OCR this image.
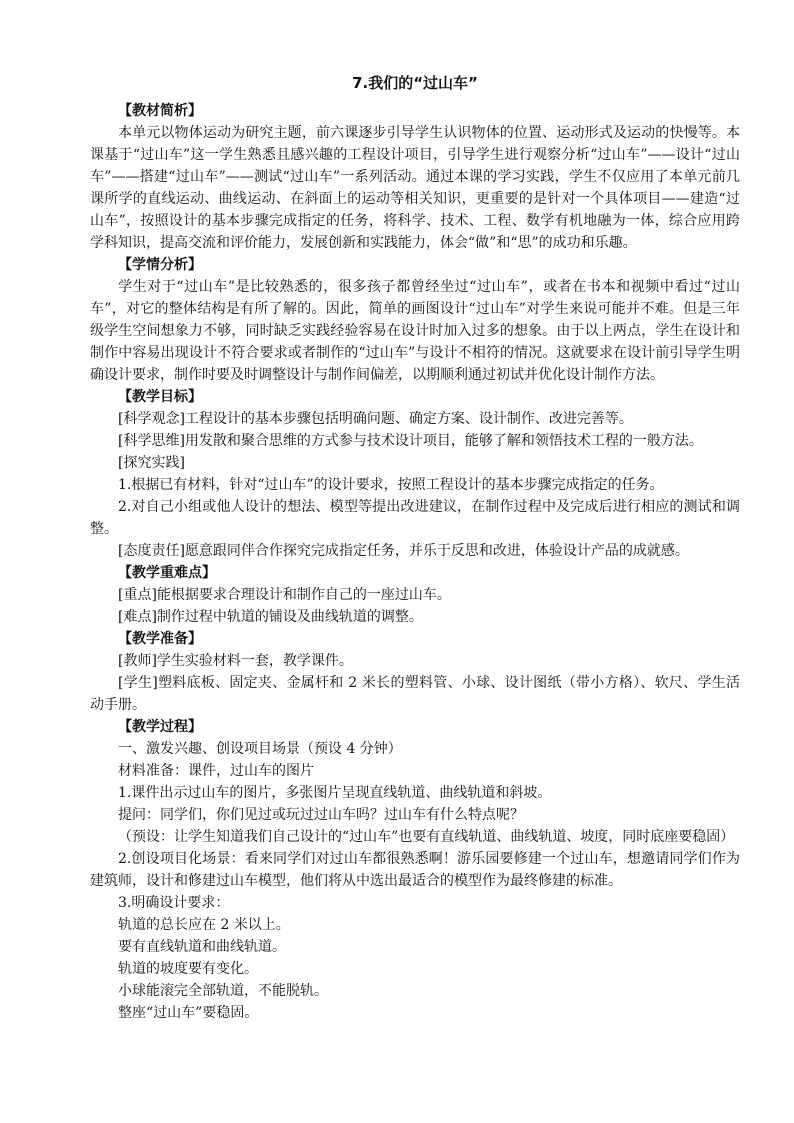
7.我们的“过山车”

【教材简析】

本单元以物体运动为研究主题，前六课逐步引导学生认识物体的位置、运动形式及运动的快慢等。本课基于“过山车”这一学生熟悉且感兴趣的工程设计项目，引导学生进行观察分析“过山车”——设计“过山车”——搭建“过山车”——测试“过山车”一系列活动。通过本课的学习实践，学生不仅应用了本单元前几课所学的直线运动、曲线运动、在斜面上的运动等相关知识，更重要的是针对一个具体项目——建造“过山车”，按照设计的基本步骤完成指定的任务，将科学、技术、工程、数学有机地融为一体，综合应用跨学科知识，提高交流和评价能力，发展创新和实践能力，体会“做”和“思”的成功和乐趣。

【学情分析】

学生对于“过山车”是比较熟悉的，很多孩子都曾经坐过“过山车”，或者在书本和视频中看过“过山车”，对它的整体结构是有所了解的。因此，简单的画图设计“过山车”对学生来说可能并不难。但是三年级学生空间想象力不够，同时缺乏实践经验容易在设计时加入过多的想象。由于以上两点，学生在设计和制作中容易出现设计不符合要求或者制作的“过山车”与设计不相符的情况。这就要求在设计前引导学生明确设计要求，制作时要及时调整设计与制作间偏差，以期顺利通过初试并优化设计制作方法。

【教学目标】

[科学观念]工程设计的基本步骤包括明确问题、确定方案、设计制作、改进完善等。

[科学思维]用发散和聚合思维的方式参与技术设计项目，能够了解和领悟技术工程的一般方法。

[探究实践]

1.根据已有材料，针对“过山车”的设计要求，按照工程设计的基本步骤完成指定的任务。

2.对自己小组或他人设计的想法、模型等提出改进建议，在制作过程中及完成后进行相应的测试和调整。

[态度责任]愿意跟同伴合作探究完成指定任务，并乐于反思和改进，体验设计产品的成就感。

【教学重难点】

[重点]能根据要求合理设计和制作自己的一座过山车。

[难点]制作过程中轨道的铺设及曲线轨道的调整。

【教学准备】

[教师]学生实验材料一套，教学课件。

[学生]塑料底板、固定夹、金属杆和 2 米长的塑料管、小球、设计图纸（带小方格）、软尺、学生活动手册。

【教学过程】

一、激发兴趣、创设项目场景（预设 4 分钟）

材料准备：课件，过山车的图片

1.课件出示过山车的图片，多张图片呈现直线轨道、曲线轨道和斜坡。

提问：同学们，你们见过或玩过过山车吗？过山车有什么特点呢？

（预设：让学生知道我们自己设计的“过山车”也要有直线轨道、曲线轨道、坡度，同时底座要稳固）

2.创设项目化场景：看来同学们对过山车都很熟悉啊！游乐园要修建一个过山车，想邀请同学们作为建筑师，设计和修建过山车模型，他们将从中选出最适合的模型作为最终修建的标准。

3.明确设计要求：

轨道的总长应在 2 米以上。

要有直线轨道和曲线轨道。

轨道的坡度要有变化。

小球能滚完全部轨道，不能脱轨。

整座“过山车”要稳固。
